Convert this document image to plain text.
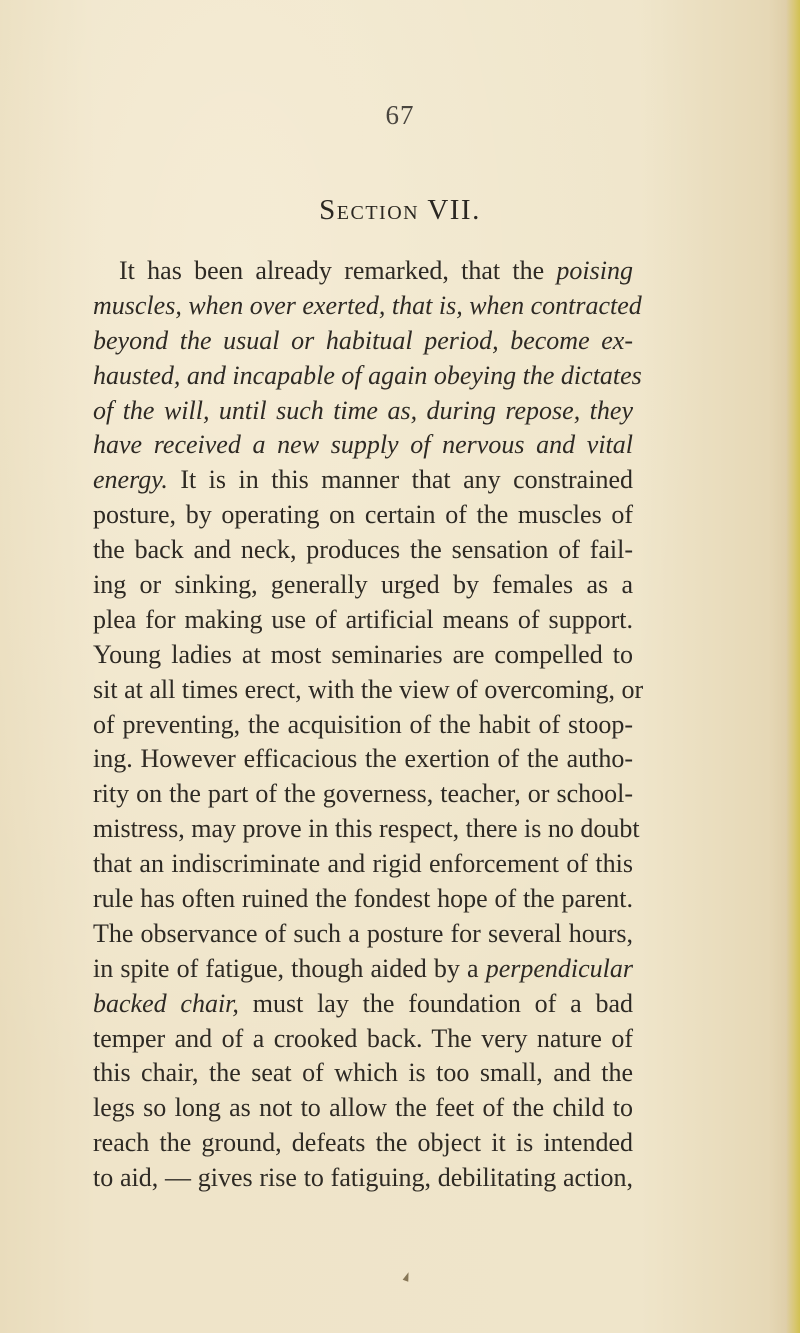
67
Section VII.
It has been already remarked, that the poising
muscles, when over exerted, that is, when contracted
beyond the usual or habitual period, become ex-
hausted, and incapable of again obeying the dictates
of the will, until such time as, during repose, they
have received a new supply of nervous and vital
energy. It is in this manner that any constrained
posture, by operating on certain of the muscles of
the back and neck, produces the sensation of fail-
ing or sinking, generally urged by females as a
plea for making use of artificial means of support.
Young ladies at most seminaries are compelled to
sit at all times erect, with the view of overcoming, or
of preventing, the acquisition of the habit of stoop-
ing. However efficacious the exertion of the autho-
rity on the part of the governess, teacher, or school-
mistress, may prove in this respect, there is no doubt
that an indiscriminate and rigid enforcement of this
rule has often ruined the fondest hope of the parent.
The observance of such a posture for several hours,
in spite of fatigue, though aided by a perpendicular
backed chair, must lay the foundation of a bad
temper and of a crooked back. The very nature of
this chair, the seat of which is too small, and the
legs so long as not to allow the feet of the child to
reach the ground, defeats the object it is intended
to aid, — gives rise to fatiguing, debilitating action,
